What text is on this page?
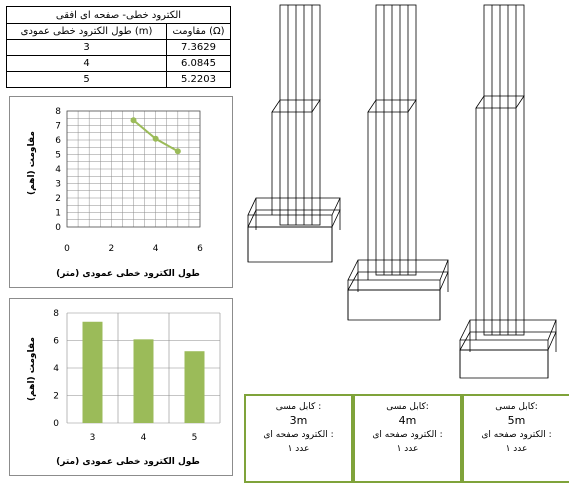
الکترود خطی- صفحه ای افقی	
طول الکترود خطی عمودی (m)	مقاومت (Ω)
3	7.3629
4	6.0845
5	5.2203
0
1
2
3
4
5
6
7
8
0	2	4	6
طول الکترود خطی عمودی (متر)
مقاومت (اهم)
0
2
4
6
8
3	4	5
طول الکترود خطی عمودی (متر)
مقاومت (اهم)
کابل مسی :
3m
الکترود صفحه ای :
۱ عدد
کابل مسی:
4m
الکترود صفحه ای :
۱ عدد
کابل مسی:
5m
الکترود صفحه ای :
۱ عدد
